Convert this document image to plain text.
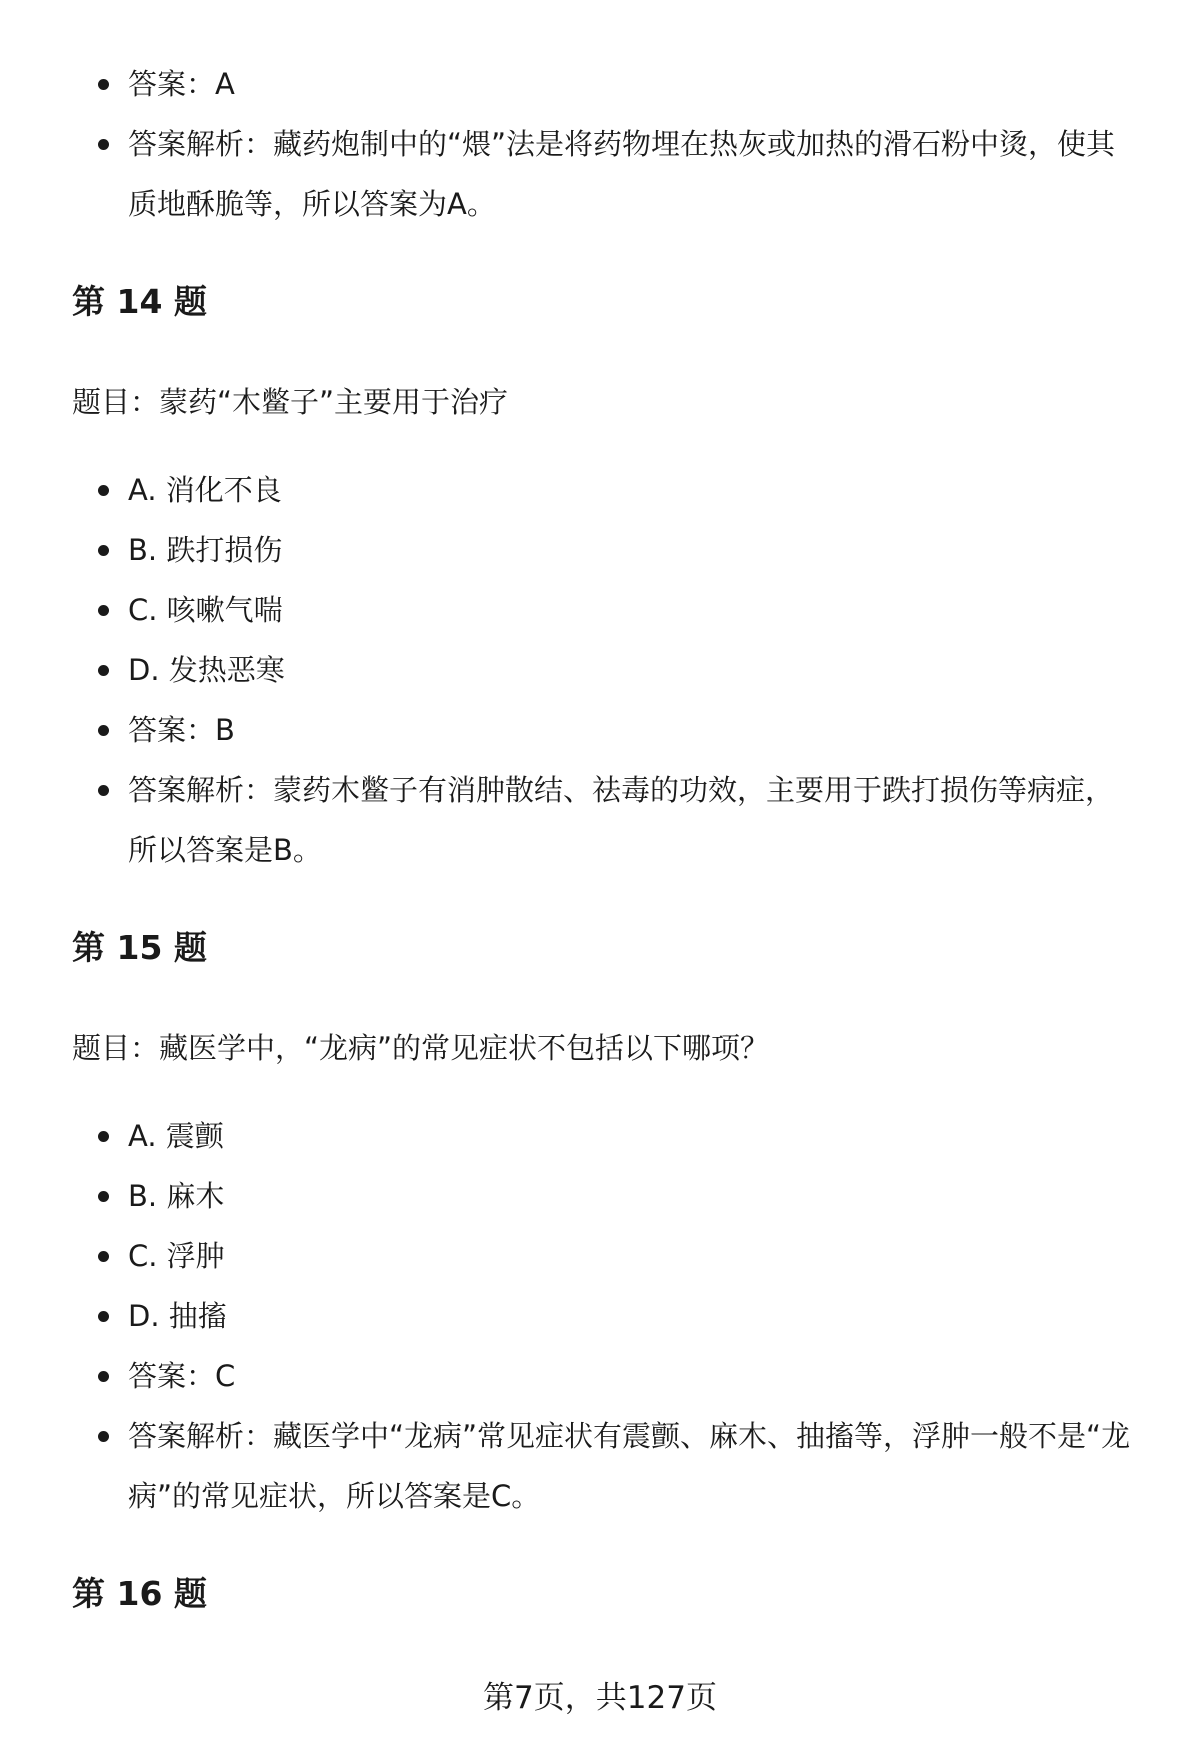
答案：A
答案解析：藏药炮制中的“煨”法是将药物埋在热灰或加热的滑石粉中烫，使其质地酥脆等，所以答案为A。
第 14 题

题目：蒙药“木鳖子”主要用于治疗

A. 消化不良
B. 跌打损伤
C. 咳嗽气喘
D. 发热恶寒
答案：B
答案解析：蒙药木鳖子有消肿散结、祛毒的功效，主要用于跌打损伤等病症，所以答案是B。
第 15 题

题目：藏医学中，“龙病”的常见症状不包括以下哪项？

A. 震颤
B. 麻木
C. 浮肿
D. 抽搐
答案：C
答案解析：藏医学中“龙病”常见症状有震颤、麻木、抽搐等，浮肿一般不是“龙病”的常见症状，所以答案是C。
第 16 题
第7页，共127页
